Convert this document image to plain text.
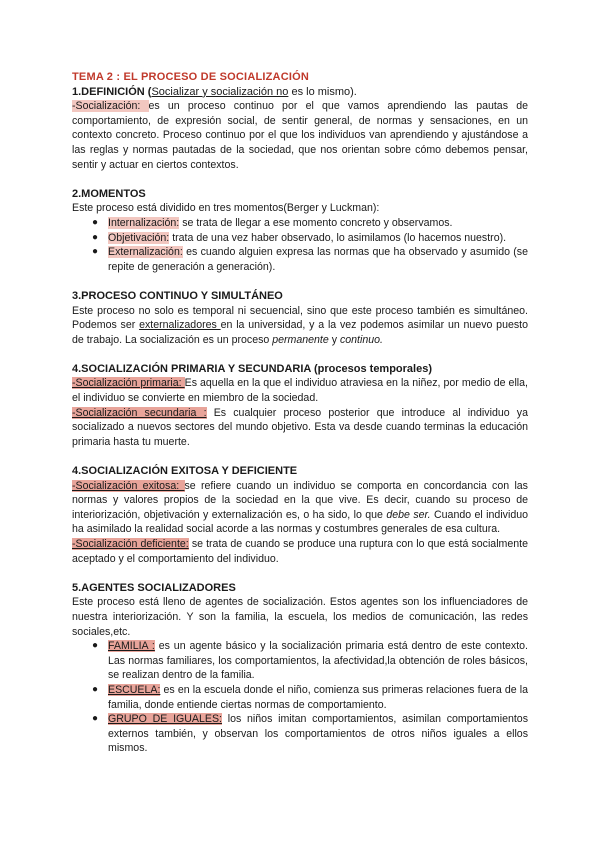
TEMA 2 : EL PROCESO DE SOCIALIZACIÓN

1.DEFINICIÓN (Socializar y socialización no es lo mismo).

-Socialización: es un proceso continuo por el que vamos aprendiendo las pautas de comportamiento, de expresión social, de sentir general, de normas y sensaciones, en un contexto concreto. Proceso continuo por el que los individuos van aprendiendo y ajustándose a las reglas y normas pautadas de la sociedad, que nos orientan sobre cómo debemos pensar, sentir y actuar en ciertos contextos.

2.MOMENTOS

Este proceso está dividido en tres momentos(Berger y Luckman):

● Internalización: se trata de llegar a ese momento concreto y observamos.
● Objetivación: trata de una vez haber observado, lo asimilamos (lo hacemos nuestro).
● Externalización: es cuando alguien expresa las normas que ha observado y asumido (se repite de generación a generación).

3.PROCESO CONTINUO Y SIMULTÁNEO

Este proceso no solo es temporal ni secuencial, sino que este proceso también es simultáneo. Podemos ser externalizadores en la universidad, y a la vez podemos asimilar un nuevo puesto de trabajo. La socialización es un proceso permanente y continuo.

4.SOCIALIZACIÓN PRIMARIA Y SECUNDARIA (procesos temporales)

-Socialización primaria: Es aquella en la que el individuo atraviesa en la niñez, por medio de ella, el individuo se convierte en miembro de la sociedad.

-Socialización secundaria : Es cualquier proceso posterior que introduce al individuo ya socializado a nuevos sectores del mundo objetivo. Esta va desde cuando terminas la educación primaria hasta tu muerte.

4.SOCIALIZACIÓN EXITOSA Y DEFICIENTE

-Socialización exitosa: se refiere cuando un individuo se comporta en concordancia con las normas y valores propios de la sociedad en la que vive. Es decir, cuando su proceso de interiorización, objetivación y externalización es, o ha sido, lo que debe ser. Cuando el individuo ha asimilado la realidad social acorde a las normas y costumbres generales de esa cultura.

-Socialización deficiente: se trata de cuando se produce una ruptura con lo que está socialmente aceptado y el comportamiento del individuo.

5.AGENTES SOCIALIZADORES

Este proceso está lleno de agentes de socialización. Estos agentes son los influenciadores de nuestra interiorización. Y son la familia, la escuela, los medios de comunicación, las redes sociales,etc.

● FAMILIA : es un agente básico y la socialización primaria está dentro de este contexto. Las normas familiares, los comportamientos, la afectividad,la obtención de roles básicos, se realizan dentro de la familia.
● ESCUELA: es en la escuela donde el niño, comienza sus primeras relaciones fuera de la familia, donde entiende ciertas normas de comportamiento.
● GRUPO DE IGUALES: los niños imitan comportamientos, asimilan comportamientos externos también, y observan los comportamientos de otros niños iguales a ellos mismos.
